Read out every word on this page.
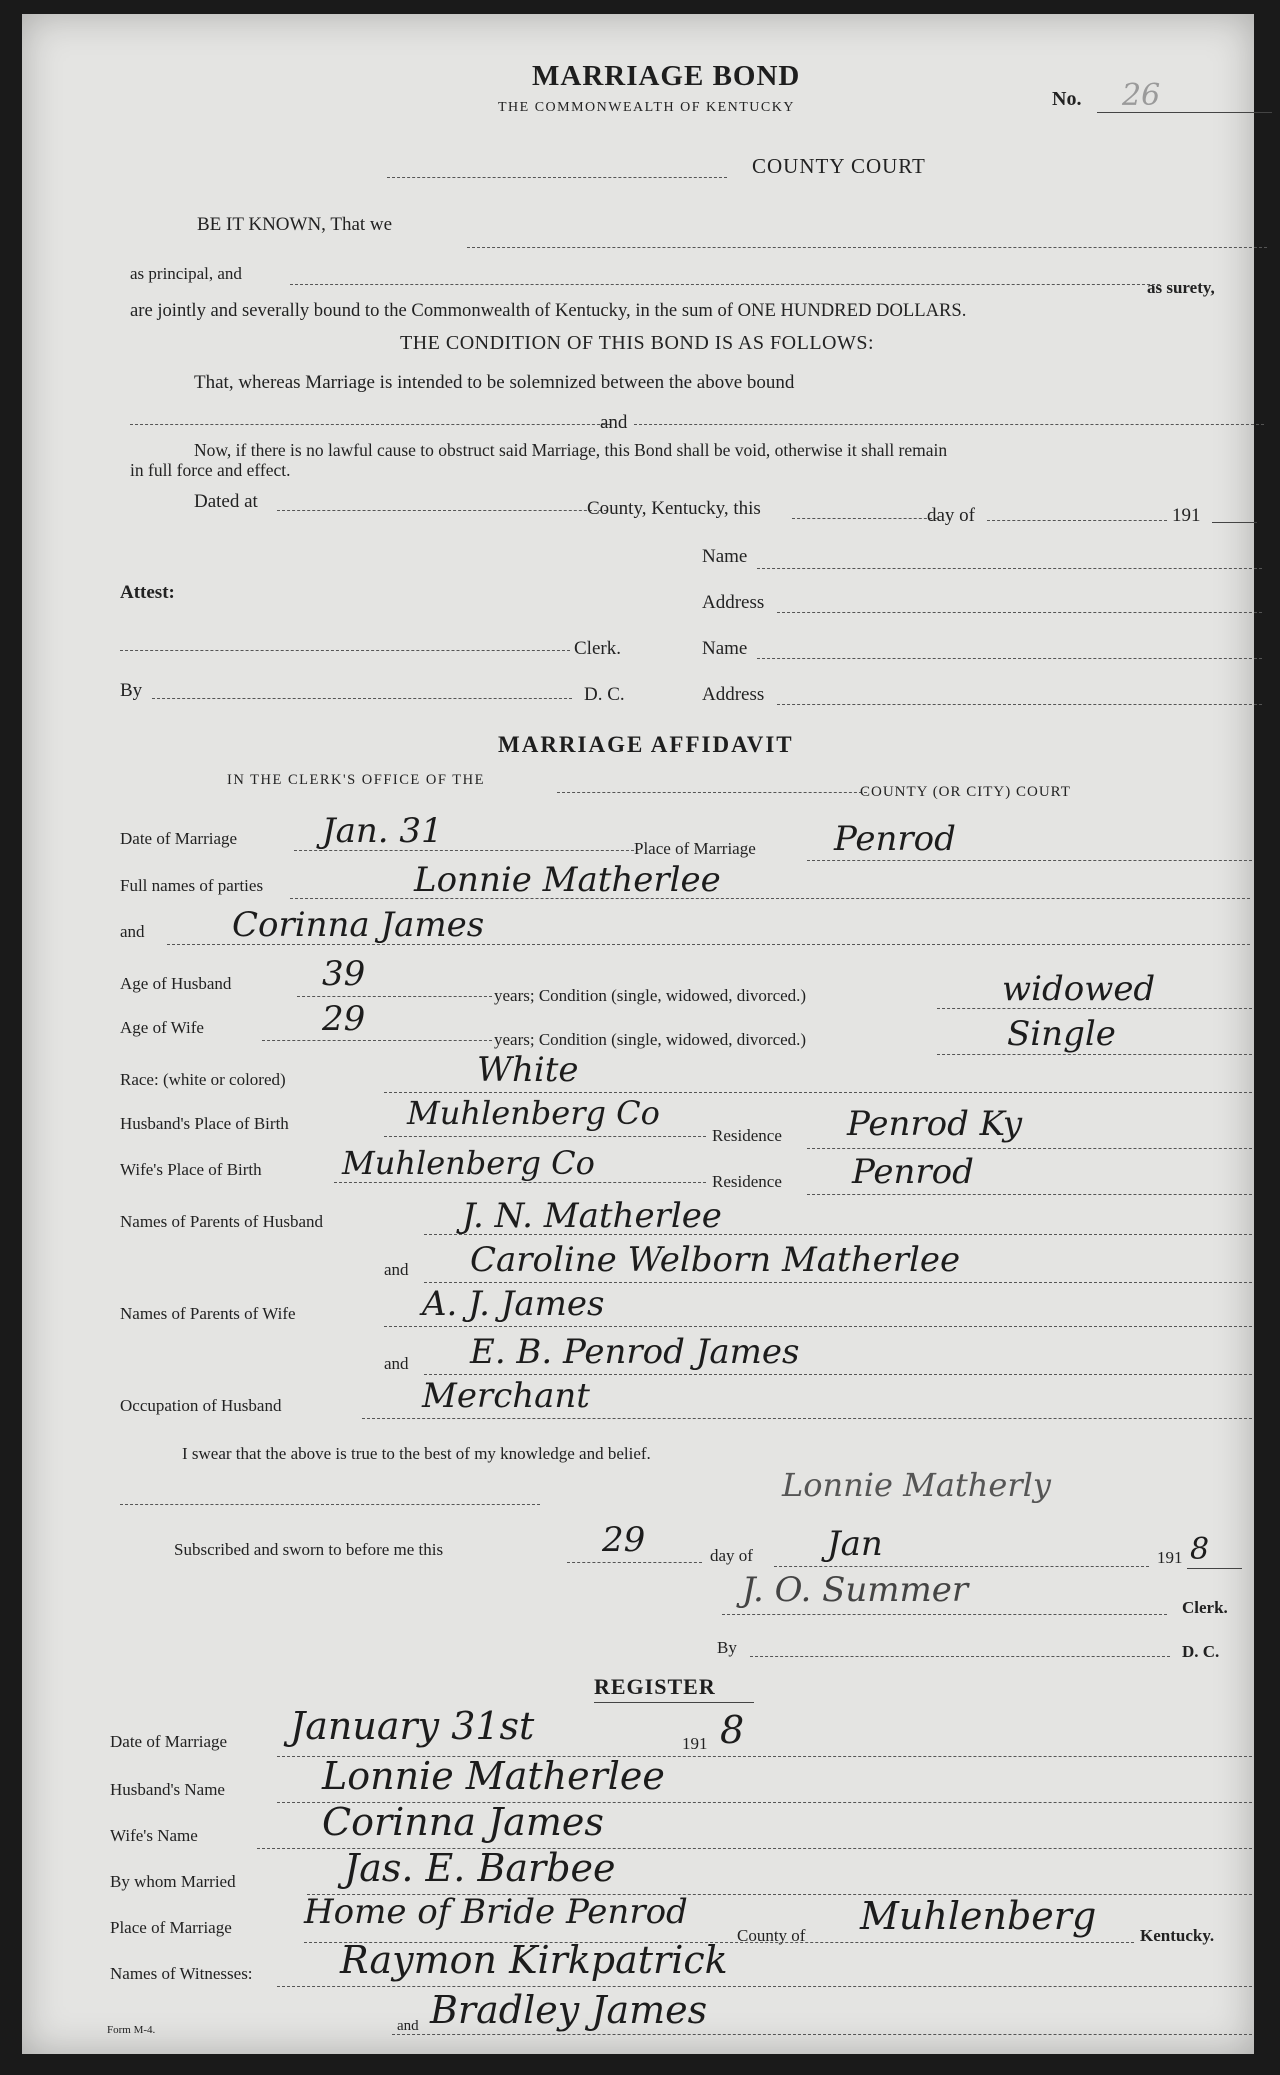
MARRIAGE BOND
THE COMMONWEALTH OF KENTUCKY	No. 26
COUNTY COURT
BE IT KNOWN, That we
as principal, and
as surety,
are jointly and severally bound to the Commonwealth of Kentucky, in the sum of ONE HUNDRED DOLLARS.
THE CONDITION OF THIS BOND IS AS FOLLOWS:
That, whereas Marriage is intended to be solemnized between the above bound
and
Now, if there is no lawful cause to obstruct said Marriage, this Bond shall be void, otherwise it shall remain
in full force and effect.
Dated at	County, Kentucky, this	day of	191
Name
Attest:	Address
Clerk.	Name
By	D. C.	Address
MARRIAGE AFFIDAVIT
IN THE CLERK'S OFFICE OF THE
COUNTY (OR CITY) COURT
Date of Marriage Jan. 31	Place of Marriage Penrod
Full names of parties	Lonnie Matherlee
and	Corinna James
Age of Husband	39
years; Condition (single, widowed, divorced.)	widowed
Age of Wife	29
years; Condition (single, widowed, divorced.)	Single
Race: (white or colored)	White
Husband's Place of Birth	Muhlenberg Co
Residence Penrod Ky
Wife's Place of Birth	Muhlenberg Co	Residence Penrod
Names of Parents of Husband	J. N. Matherlee
and Caroline Welborn Matherlee
Names of Parents of Wife	A. J. James
and E. B. Penrod James
Occupation of Husband	Merchant
I swear that the above is true to the best of my knowledge and belief.
Lonnie Matherly
Subscribed and sworn to before me this	29	day of Jan	191 8
J. O. Summer	Clerk.
By	D. C.
REGISTER
Date of Marriage January 31st	191 8
Husband's Name	Lonnie Matherlee
Wife's Name	Corinna James
By whom Married	Jas. E. Barbee
Place of Marriage Home of Bride Penrod
County of Muhlenberg	Kentucky.
Names of Witnesses: Raymon Kirkpatrick
and Bradley James
Form M-4.
